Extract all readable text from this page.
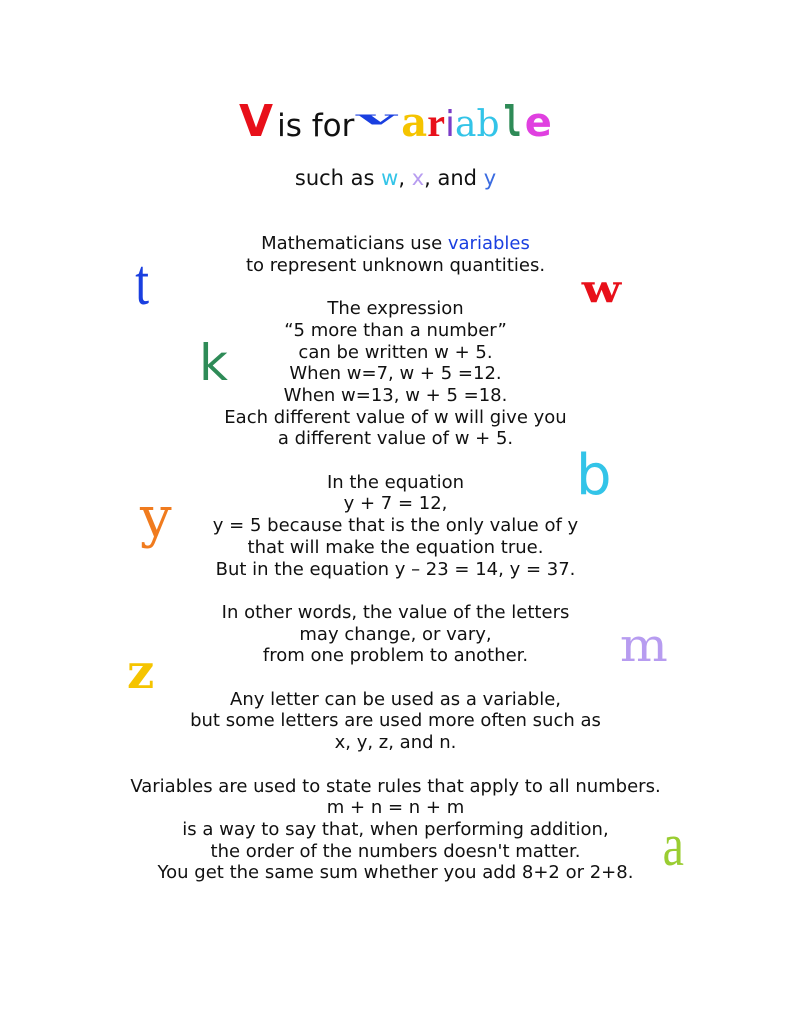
V is forv ariable
such as w, x, and y
Mathematicians use variables
to represent unknown quantities.
The expression
“5 more than a number”
can be written w + 5.
When w=7, w + 5 =12.
When w=13, w + 5 =18.
Each different value of w will give you
a different value of w + 5.
In the equation
y + 7 = 12,
y = 5 because that is the only value of y
that will make the equation true.
But in the equation y – 23 = 14, y = 37.
In other words, the value of the letters
may change, or vary,
from one problem to another.
Any letter can be used as a variable,
but some letters are used more often such as
x, y, z, and n.
Variables are used to state rules that apply to all numbers.
m + n = n + m
is a way to say that, when performing addition,
the order of the numbers doesn't matter.
You get the same sum whether you add 8+2 or 2+8.
t	w
k
b
y
m
z
a
